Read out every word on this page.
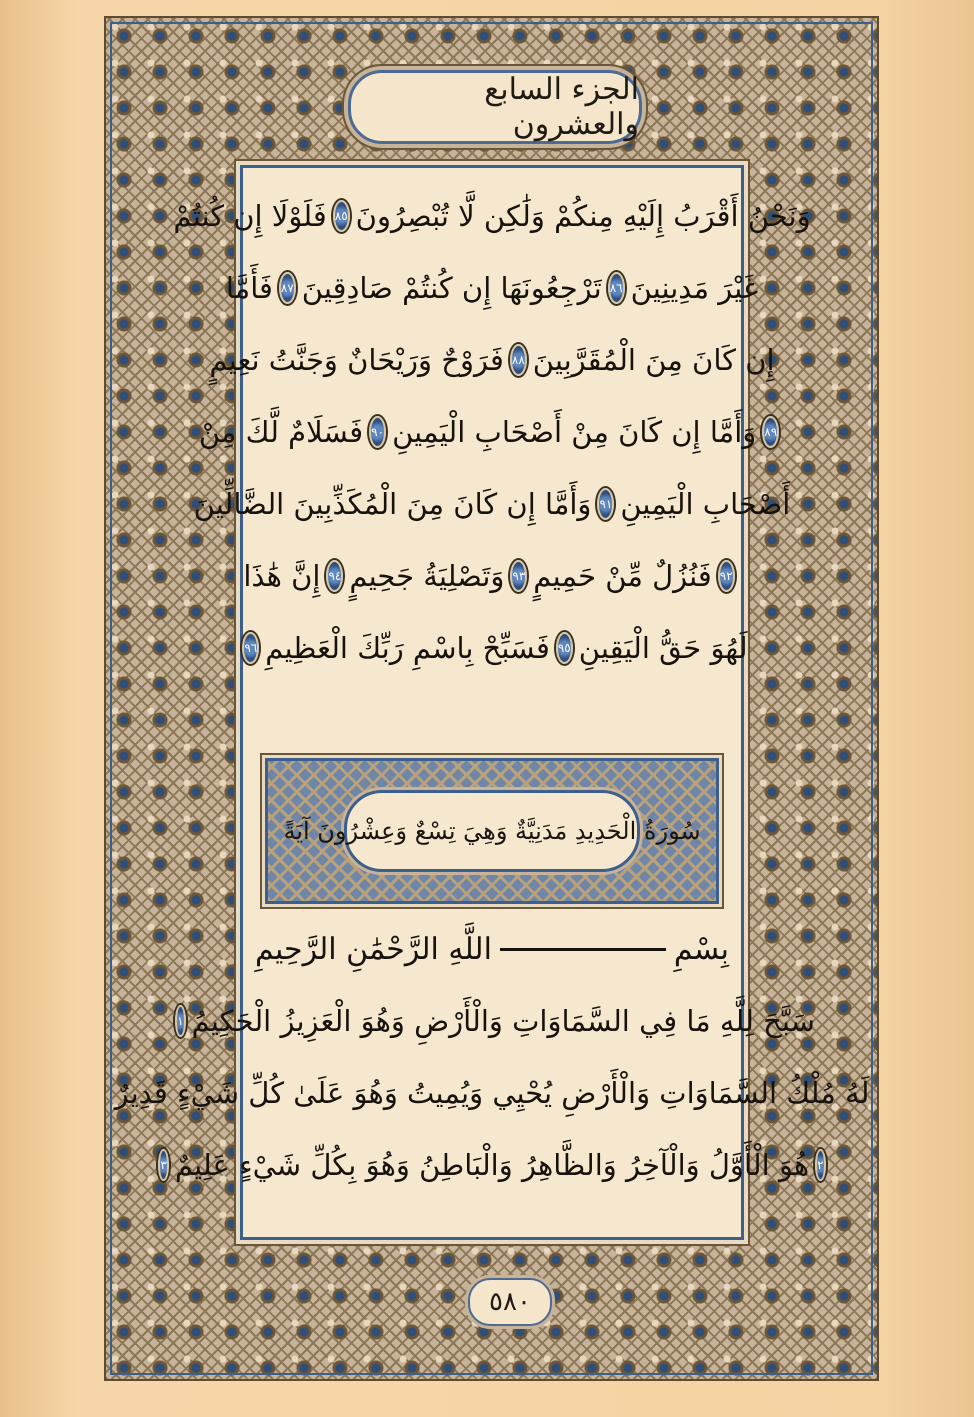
الجزء السابع والعشرون
وَنَحْنُ أَقْرَبُ إِلَيْهِ مِنكُمْ وَلَٰكِن لَّا تُبْصِرُونَ
٨٥
فَلَوْلَا إِن كُنتُمْ
غَيْرَ مَدِينِينَ
٨٦
تَرْجِعُونَهَا إِن كُنتُمْ صَادِقِينَ
٨٧
فَأَمَّا
إِن كَانَ مِنَ الْمُقَرَّبِينَ
٨٨
فَرَوْحٌ وَرَيْحَانٌ وَجَنَّتُ نَعِيمٍ
٨٩
وَأَمَّا إِن كَانَ مِنْ أَصْحَابِ الْيَمِينِ
٩٠
فَسَلَامٌ لَّكَ مِنْ
أَصْحَابِ الْيَمِينِ
٩١
وَأَمَّا إِن كَانَ مِنَ الْمُكَذِّبِينَ الضَّالِّينَ
٩٢
فَنُزُلٌ مِّنْ حَمِيمٍ
٩٣
وَتَصْلِيَةُ جَحِيمٍ
٩٤
إِنَّ هَٰذَا
لَهُوَ حَقُّ الْيَقِينِ
٩٥
فَسَبِّحْ بِاسْمِ رَبِّكَ الْعَظِيمِ
٩٦
سُورَةُ الْحَدِيدِ مَدَنِيَّةٌ وَهِيَ تِسْعٌ وَعِشْرُونَ آيَةً
بِسْمِ
اللَّهِ الرَّحْمَٰنِ الرَّحِيمِ
سَبَّحَ لِلَّهِ مَا فِي السَّمَاوَاتِ وَالْأَرْضِ وَهُوَ الْعَزِيزُ الْحَكِيمُ
١
لَهُ مُلْكُ السَّمَاوَاتِ وَالْأَرْضِ يُحْيِي وَيُمِيتُ وَهُوَ عَلَىٰ كُلِّ شَيْءٍ قَدِيرٌ
٢
هُوَ الْأَوَّلُ وَالْآخِرُ وَالظَّاهِرُ وَالْبَاطِنُ وَهُوَ بِكُلِّ شَيْءٍ عَلِيمٌ
٣
٥٨٠
